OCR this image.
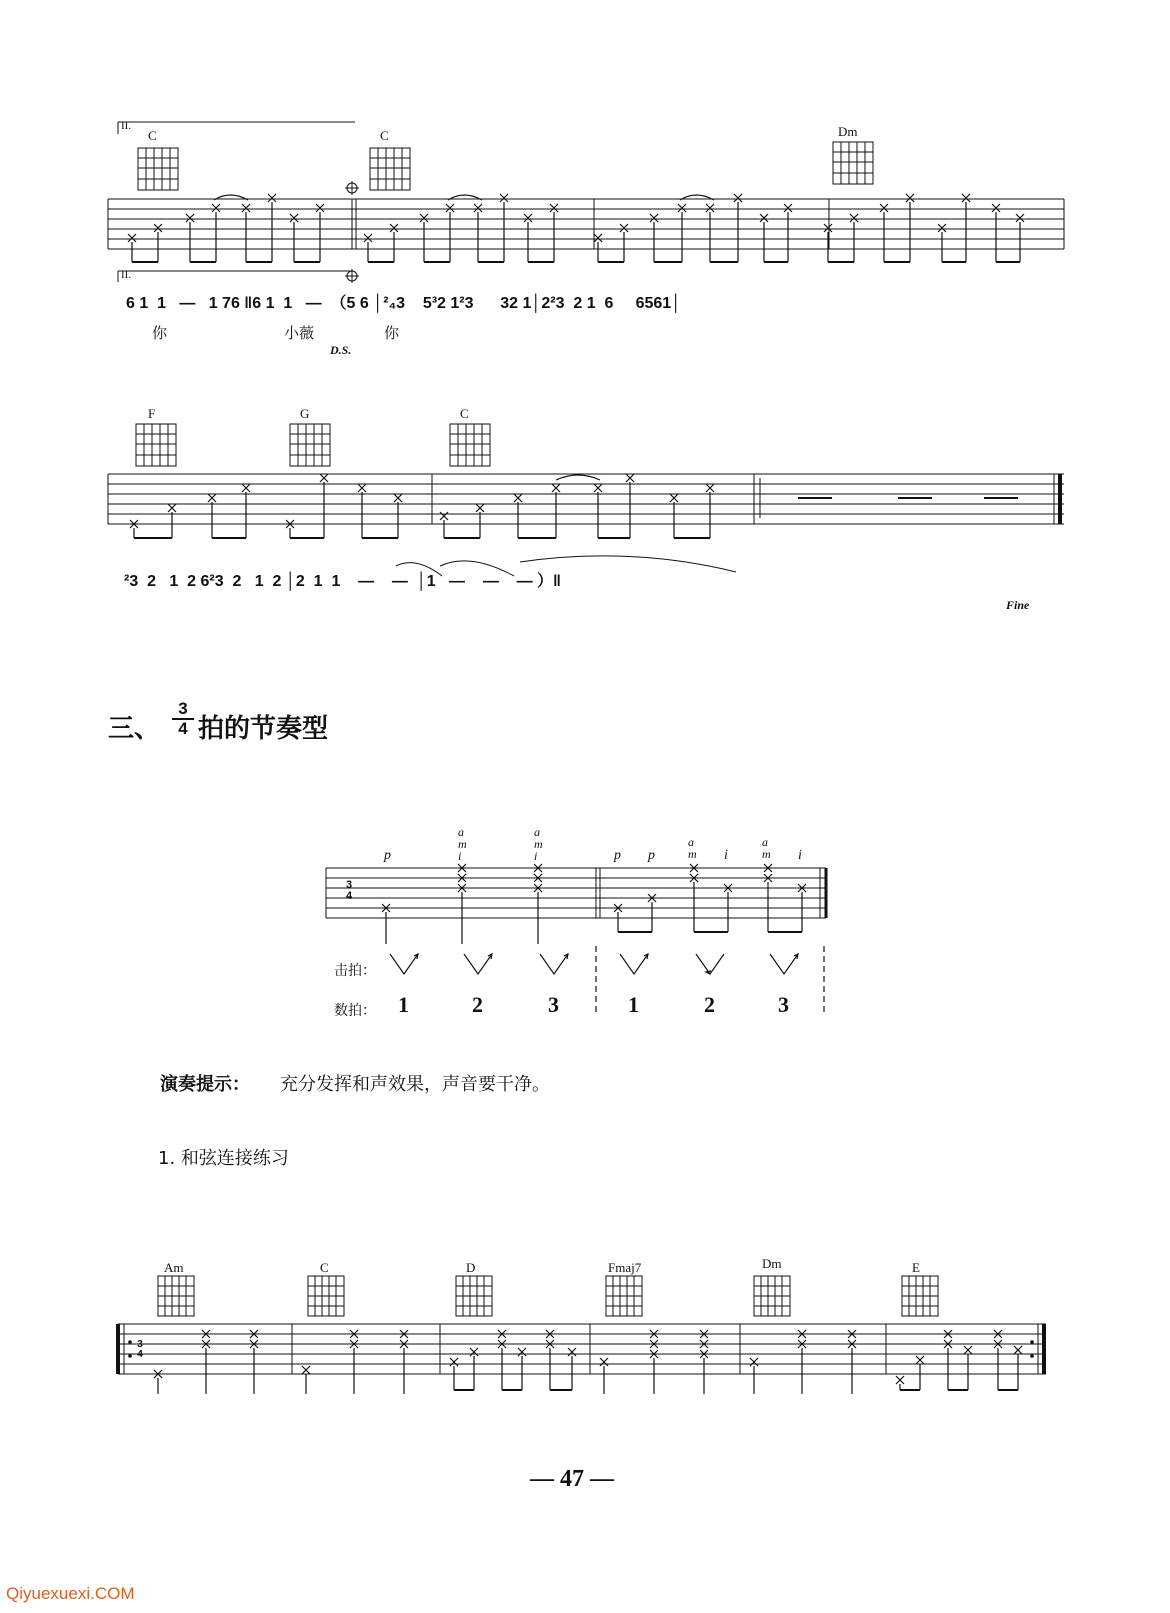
II.
C	C	Dm
II.
6 1  1   —   1 76 ‖6 1  1   —  （5 6 │²₄3    5³2 1²3      32 1│2²3  2 1  6     6561│
你	小薇	你
D.S.
F	G	C
²3  2   1  2 6²3  2   1  2 │2  1  1    —    —  │1   —    —    — ）‖
Fine
三、
3
4 拍的节奏型
p
a m i
a m i	p p
a m i
a m i
3
4
击拍：
数拍： 1	2	3	1	2	3
演奏提示： 充分发挥和声效果，声音要干净。
1. 和弦连接练习
Am	C	D	Fmaj7	Dm	E
3
4
— 47 —
Qiyuexuexi.COM
